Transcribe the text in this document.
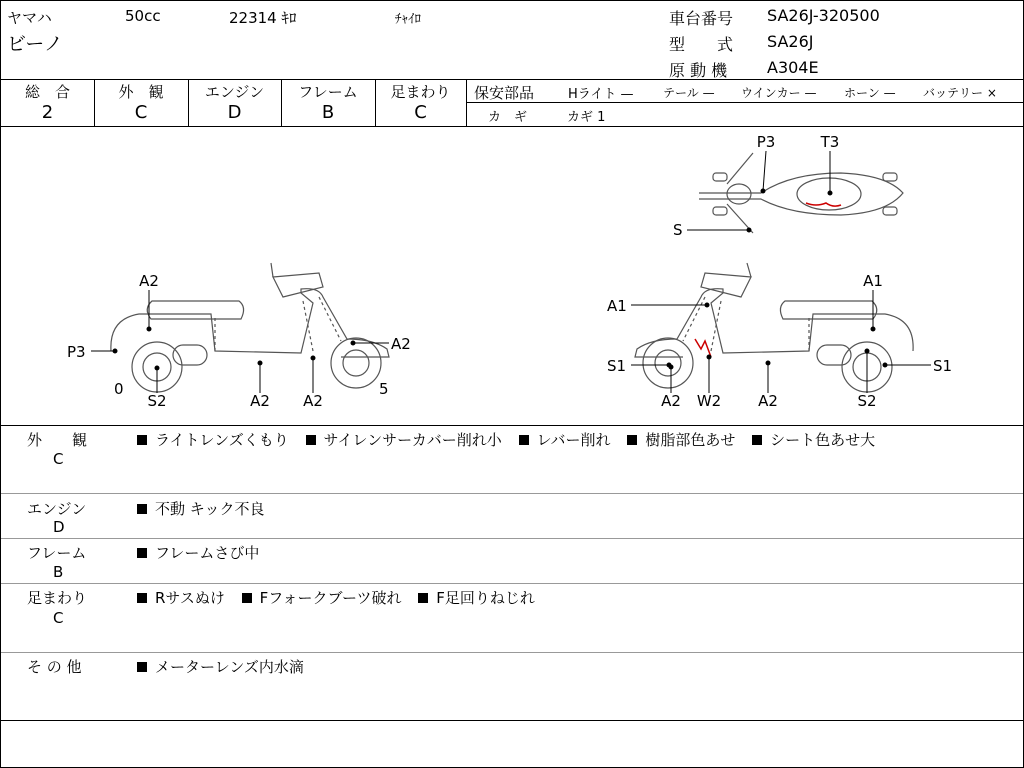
ヤマハ	50cc	22314 ｷﾛ	ﾁｬｲﾛ
ビーノ
車台番号 SA26J-320500
型　　式 SA26J
原 動 機 A304E
総　合
2
外　観
C
エンジン
D
フレーム
B
足まわり
C
保安部品	Hライト — テール — ウインカー — ホーン — バッテリー ×
カ　ギ	カギ 1
A2
P3	A2
0
S2	A2 A2
5
A1
A1
S1
W2 A2	S2
S1
A2
P3	T3
S
外　　観
C
ライトレンズくもり サイレンサーカバー削れ小 レバー削れ 樹脂部色あせ シート色あせ大
エンジン
D
不動 キック不良
フレーム
B
フレームさび中
足まわり
C
Rサスぬけ Fフォークブーツ破れ F足回りねじれ
そ の 他	メーターレンズ内水滴
